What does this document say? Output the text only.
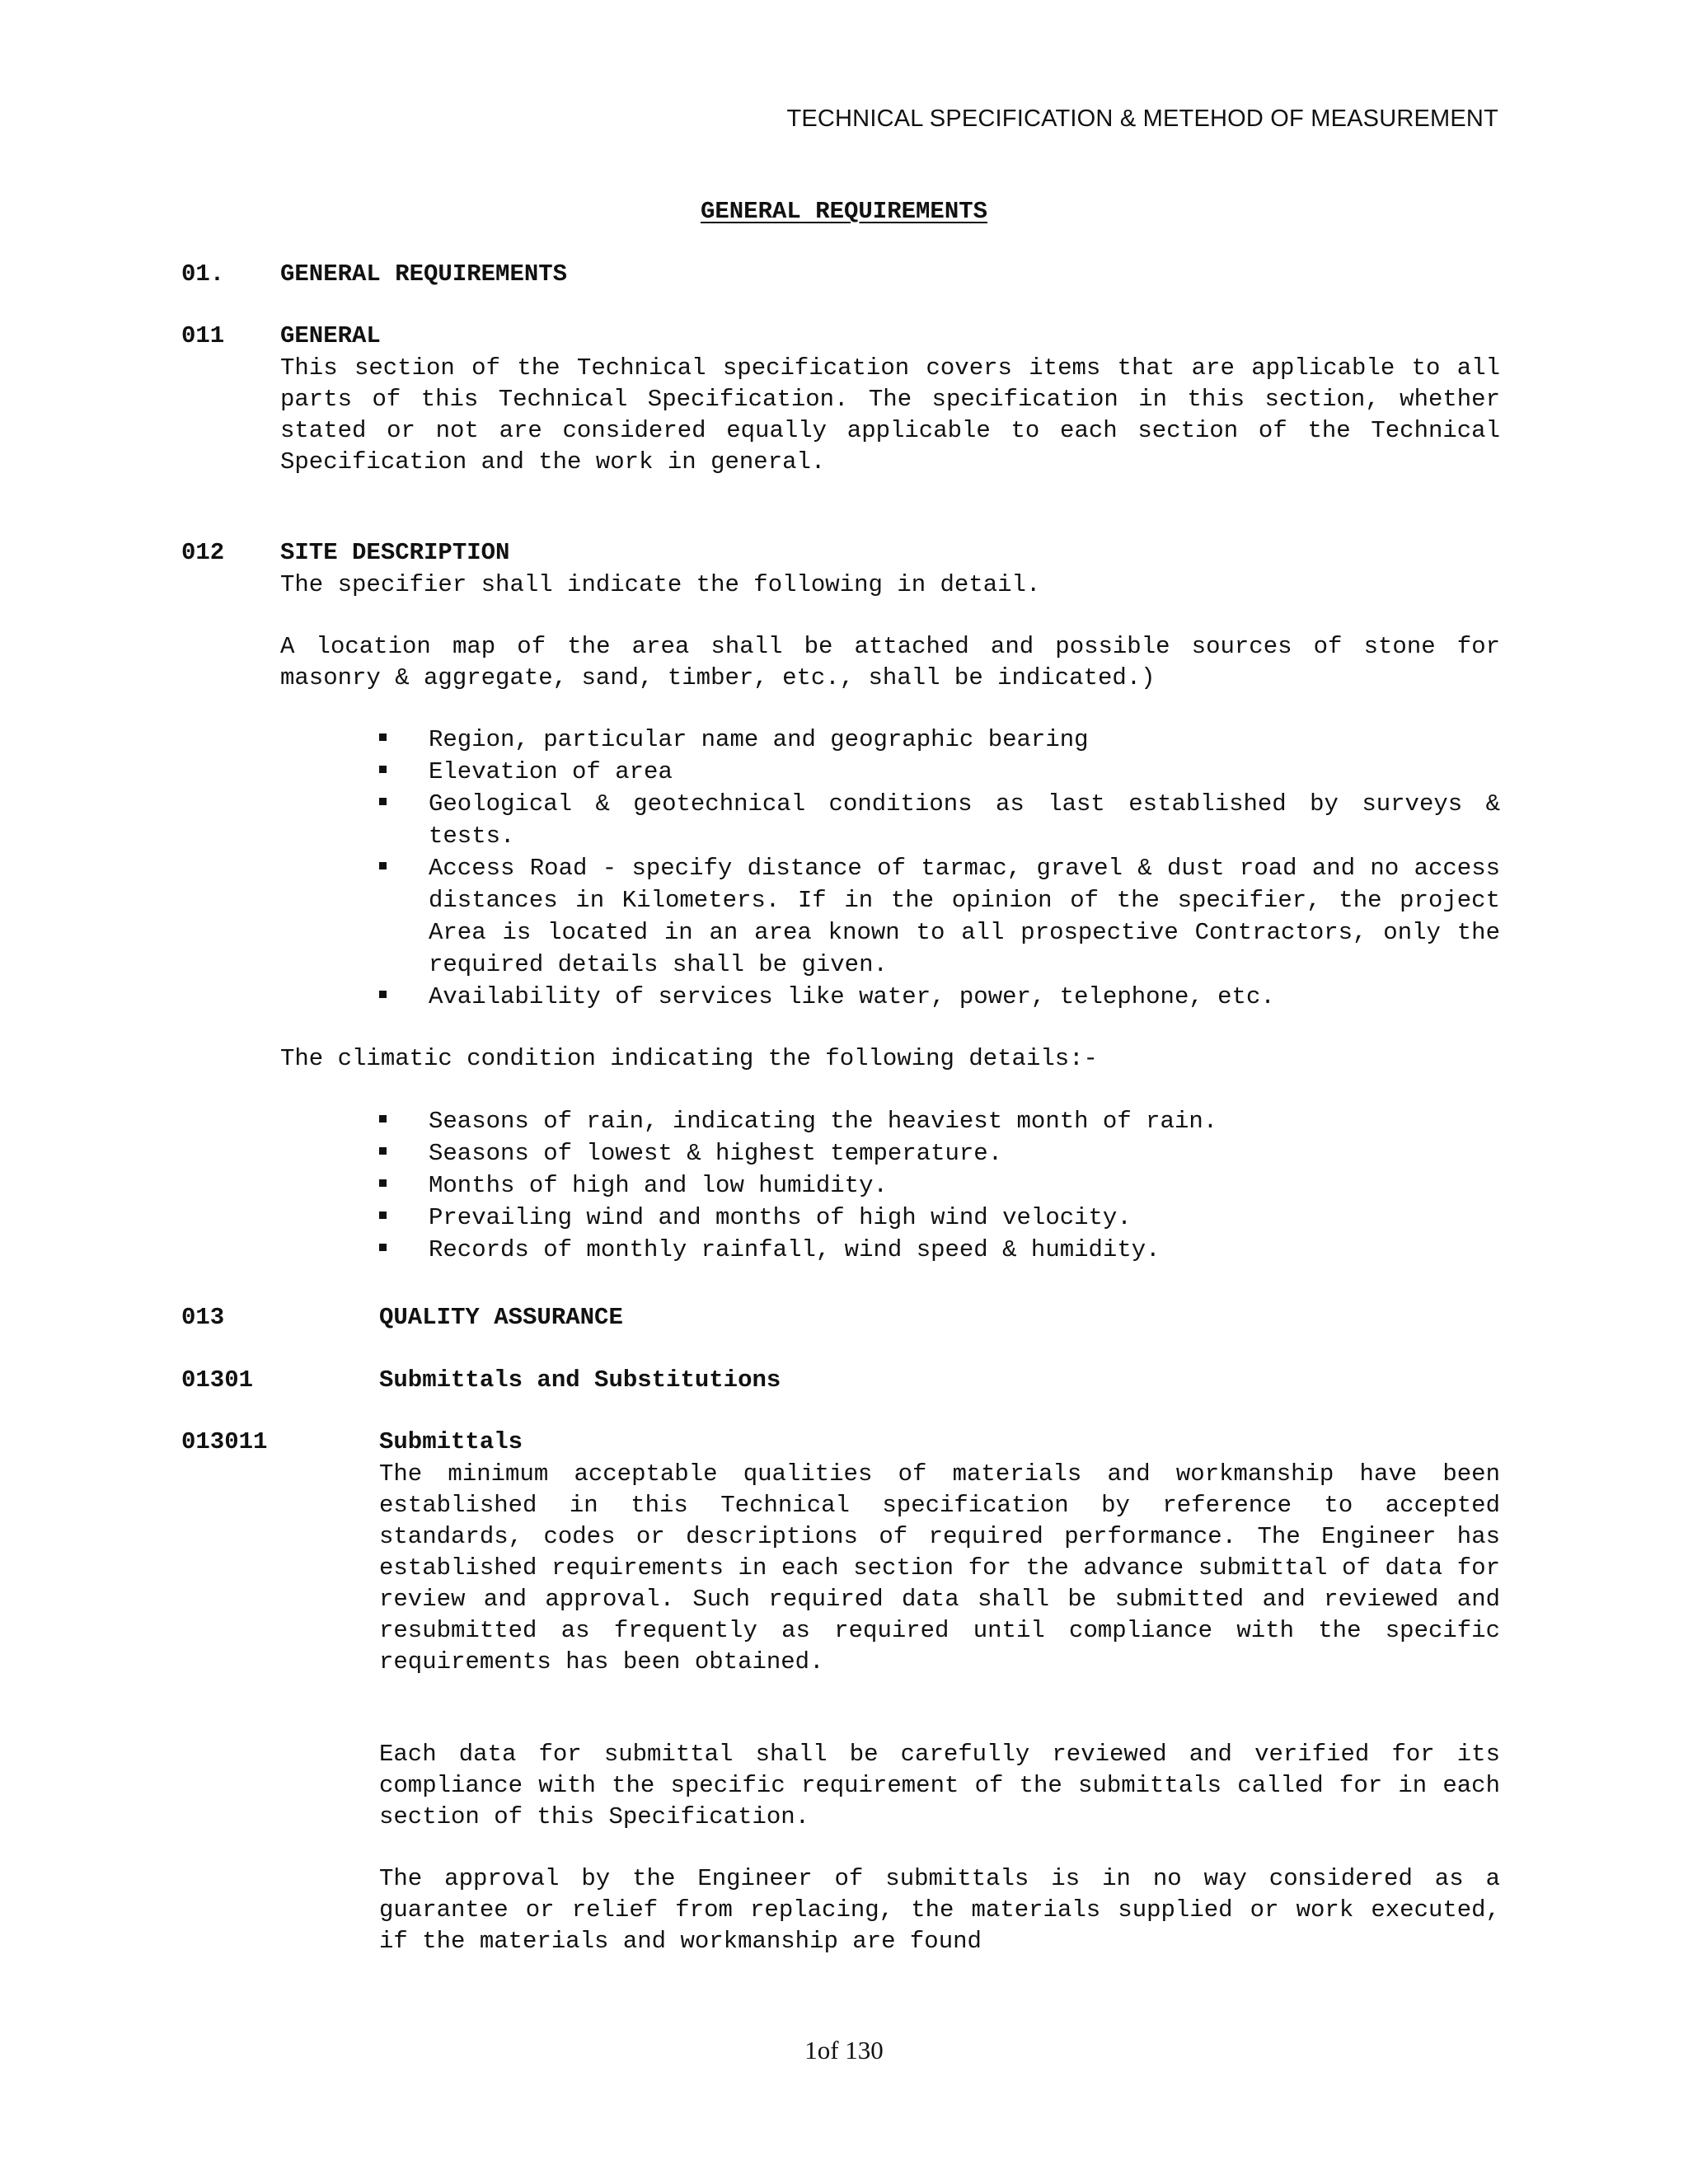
TECHNICAL SPECIFICATION & METEHOD OF MEASUREMENT
GENERAL REQUIREMENTS
01. GENERAL REQUIREMENTS
011 GENERAL
This section of the Technical specification covers items that are applicable to all parts of this Technical Specification. The specification in this section, whether stated or not are considered equally applicable to each section of the Technical Specification and the work in general.
012 SITE DESCRIPTION
The specifier shall indicate the following in detail.
A location map of the area shall be attached and possible sources of stone for masonry & aggregate, sand, timber, etc., shall be indicated.)
Region, particular name and geographic bearing
Elevation of area
Geological & geotechnical conditions as last established by surveys & tests.
Access Road - specify distance of tarmac, gravel & dust road and no access distances in Kilometers. If in the opinion of the specifier, the project Area is located in an area known to all prospective Contractors, only the required details shall be given.
Availability of services like water, power, telephone, etc.
The climatic condition indicating the following details:-
Seasons of rain, indicating the heaviest month of rain.
Seasons of lowest & highest temperature.
Months of high and low humidity.
Prevailing wind and months of high wind velocity.
Records of monthly rainfall, wind speed & humidity.
013	QUALITY ASSURANCE
01301	Submittals and Substitutions
013011	Submittals
The minimum acceptable qualities of materials and workmanship have been established in this Technical specification by reference to accepted standards, codes or descriptions of required performance. The Engineer has established requirements in each section for the advance submittal of data for review and approval. Such required data shall be submitted and reviewed and resubmitted as frequently as required until compliance with the specific requirements has been obtained.
Each data for submittal shall be carefully reviewed and verified for its compliance with the specific requirement of the submittals called for in each section of this Specification.
The approval by the Engineer of submittals is in no way considered as a guarantee or relief from replacing, the materials supplied or work executed, if the materials and workmanship are found
1of 130
